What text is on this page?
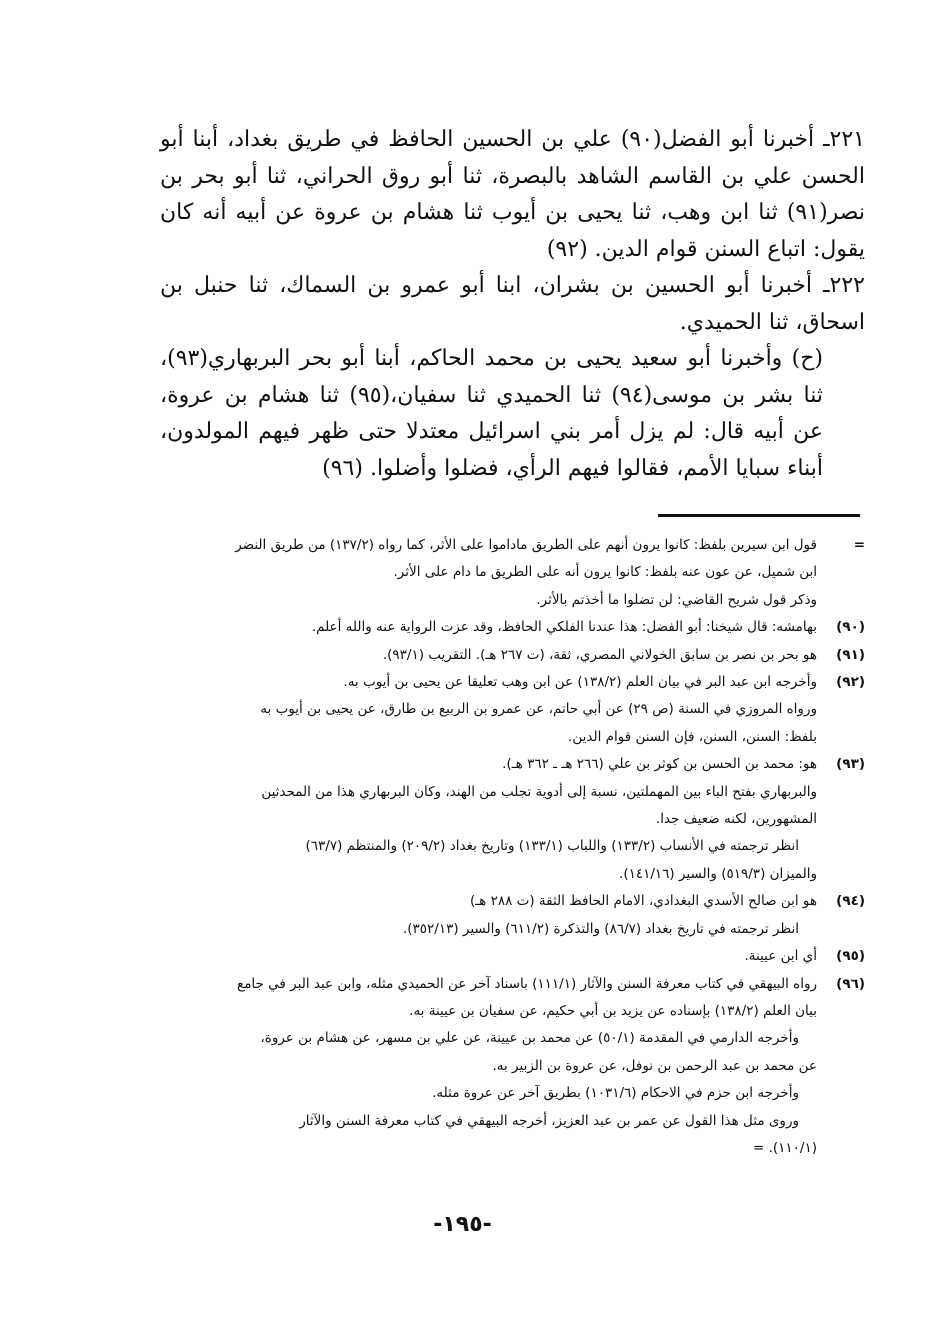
٢٢١ـ أخبرنا أبو الفضل(٩٠) علي بن الحسين الحافظ في طريق بغداد، أبنا أبو الحسن علي بن القاسم الشاهد بالبصرة، ثنا أبو روق الحراني، ثنا أبو بحر بن نصر(٩١) ثنا ابن وهب، ثنا يحيى بن أيوب ثنا هشام بن عروة عن أبيه أنه كان يقول: اتباع السنن قوام الدين. (٩٢)

٢٢٢ـ أخبرنا أبو الحسين بن بشران، ابنا أبو عمرو بن السماك، ثنا حنبل بن اسحاق، ثنا الحميدي.

(ح) وأخبرنا أبو سعيد يحيى بن محمد الحاكم، أبنا أبو بحر البربهاري(٩٣)، ثنا بشر بن موسى(٩٤) ثنا الحميدي ثنا سفيان،(٩٥) ثنا هشام بن عروة، عن أبيه قال: لم يزل أمر بني اسرائيل معتدلا حتى ظهر فيهم المولدون، أبناء سبايا الأمم، فقالوا فيهم الرأي، فضلوا وأضلوا. (٩٦)

=
قول ابن سيرين بلفظ: كانوا يرون أنهم على الطريق ماداموا على الأثر، كما رواه (١٣٧/٢) من طريق النضر
ابن شميل، عن عون عنه بلفظ: كانوا يرون أنه على الطريق ما دام على الأثر.
وذكر قول شريح القاضي: لن تضلوا ما أخذتم بالأثر.
(٩٠)
بهامشه: قال شيخنا: أبو الفضل: هذا عندنا الفلكي الحافظ، وقد عزت الرواية عنه والله أعلم.
(٩١)
هو بحر بن نصر بن سابق الخولاني المصري، ثقة، (ت ٢٦٧ هـ). التقريب (٩٣/١).
(٩٢)
وأخرجه ابن عبد البر في بيان العلم (١٣٨/٢) عن ابن وهب تعليقا عن يحيى بن أيوب به.
ورواه المروزي في السنة (ص ٢٩) عن أبي حاتم، عن عمرو بن الربيع بن طارق، عن يحيى بن أيوب به
بلفظ: السنن، السنن، فإن السنن قوام الدين.
(٩٣)
هو: محمد بن الحسن بن كوثر بن علي (٢٦٦ هـ ـ ٣٦٢ هـ).
والبربهاري بفتح الباء بين المهملتين، نسبة إلى أدوية تجلب من الهند، وكان البربهاري هذا من المحدثين
المشهورين، لكنه ضعيف جدا.
انظر ترجمته في الأنساب (١٣٣/٢) واللباب (١٣٣/١) وتاريخ بغداد (٢٠٩/٢) والمنتظم (٦٣/٧)
والميزان (٥١٩/٣) والسير (١٤١/١٦).
(٩٤)
هو ابن صالح الأسدي البغدادي، الامام الحافظ الثقة (ت ٢٨٨ هـ)
انظر ترجمته في تاريخ بغداد (٨٦/٧) والتذكرة (٦١١/٢) والسير (٣٥٢/١٣).
(٩٥)
أي ابن عيينة.
(٩٦)
رواه البيهقي في كتاب معرفة السنن والآثار (١١١/١) باسناد آخر عن الحميدي مثله، وابن عبد البر في جامع
بيان العلم (١٣٨/٢) بإسناده عن يزيد بن أبي حكيم، عن سفيان بن عيينة به.
وأخرجه الدارمي في المقدمة (٥٠/١) عن محمد بن عيينة، عن علي بن مسهر، عن هشام بن عروة،
عن محمد بن عبد الرحمن بن نوفل، عن عروة بن الزبير به.
وأخرجه ابن حزم في الاحكام (١٠٣١/٦) بطريق آخر عن عروة مثله.
وروى مثل هذا القول عن عمر بن عبد العزيز، أخرجه البيهقي في كتاب معرفة السنن والآثار
(١١٠/١). =
-١٩٥-
